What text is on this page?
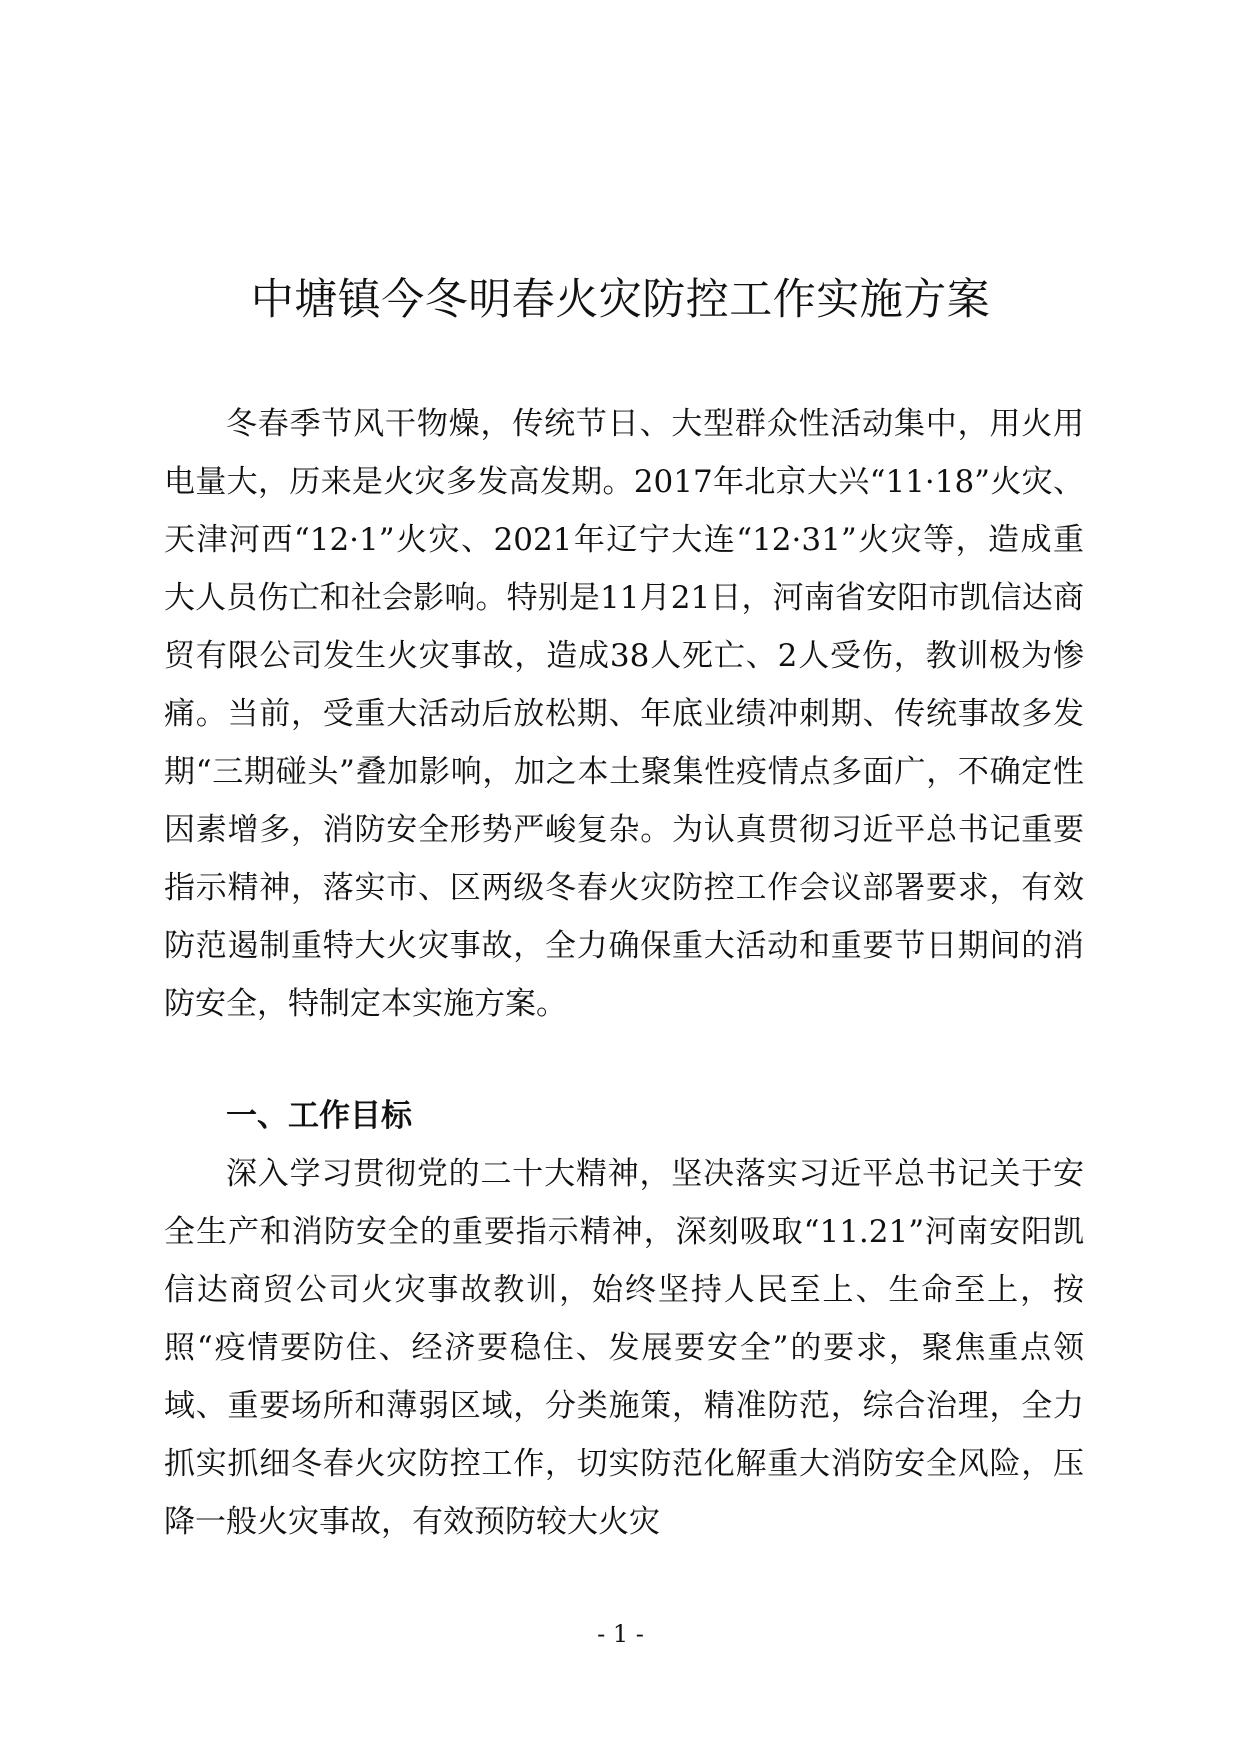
中塘镇今冬明春火灾防控工作实施方案

冬春季节风干物燥，传统节日、大型群众性活动集中，用火用电量大，历来是火灾多发高发期。2017年北京大兴“11·18”火灾、天津河西“12·1”火灾、2021年辽宁大连“12·31”火灾等，造成重大人员伤亡和社会影响。特别是11月21日，河南省安阳市凯信达商贸有限公司发生火灾事故，造成38人死亡、2人受伤，教训极为惨痛。当前，受重大活动后放松期、年底业绩冲刺期、传统事故多发期“三期碰头”叠加影响，加之本土聚集性疫情点多面广，不确定性因素增多，消防安全形势严峻复杂。为认真贯彻习近平总书记重要指示精神，落实市、区两级冬春火灾防控工作会议部署要求，有效防范遏制重特大火灾事故，全力确保重大活动和重要节日期间的消防安全，特制定本实施方案。

一、工作目标

深入学习贯彻党的二十大精神，坚决落实习近平总书记关于安全生产和消防安全的重要指示精神，深刻吸取“11.21”河南安阳凯信达商贸公司火灾事故教训，始终坚持人民至上、生命至上，按照“疫情要防住、经济要稳住、发展要安全”的要求，聚焦重点领域、重要场所和薄弱区域，分类施策，精准防范，综合治理，全力抓实抓细冬春火灾防控工作，切实防范化解重大消防安全风险，压降一般火灾事故，有效预防较大火灾

- 1 -
